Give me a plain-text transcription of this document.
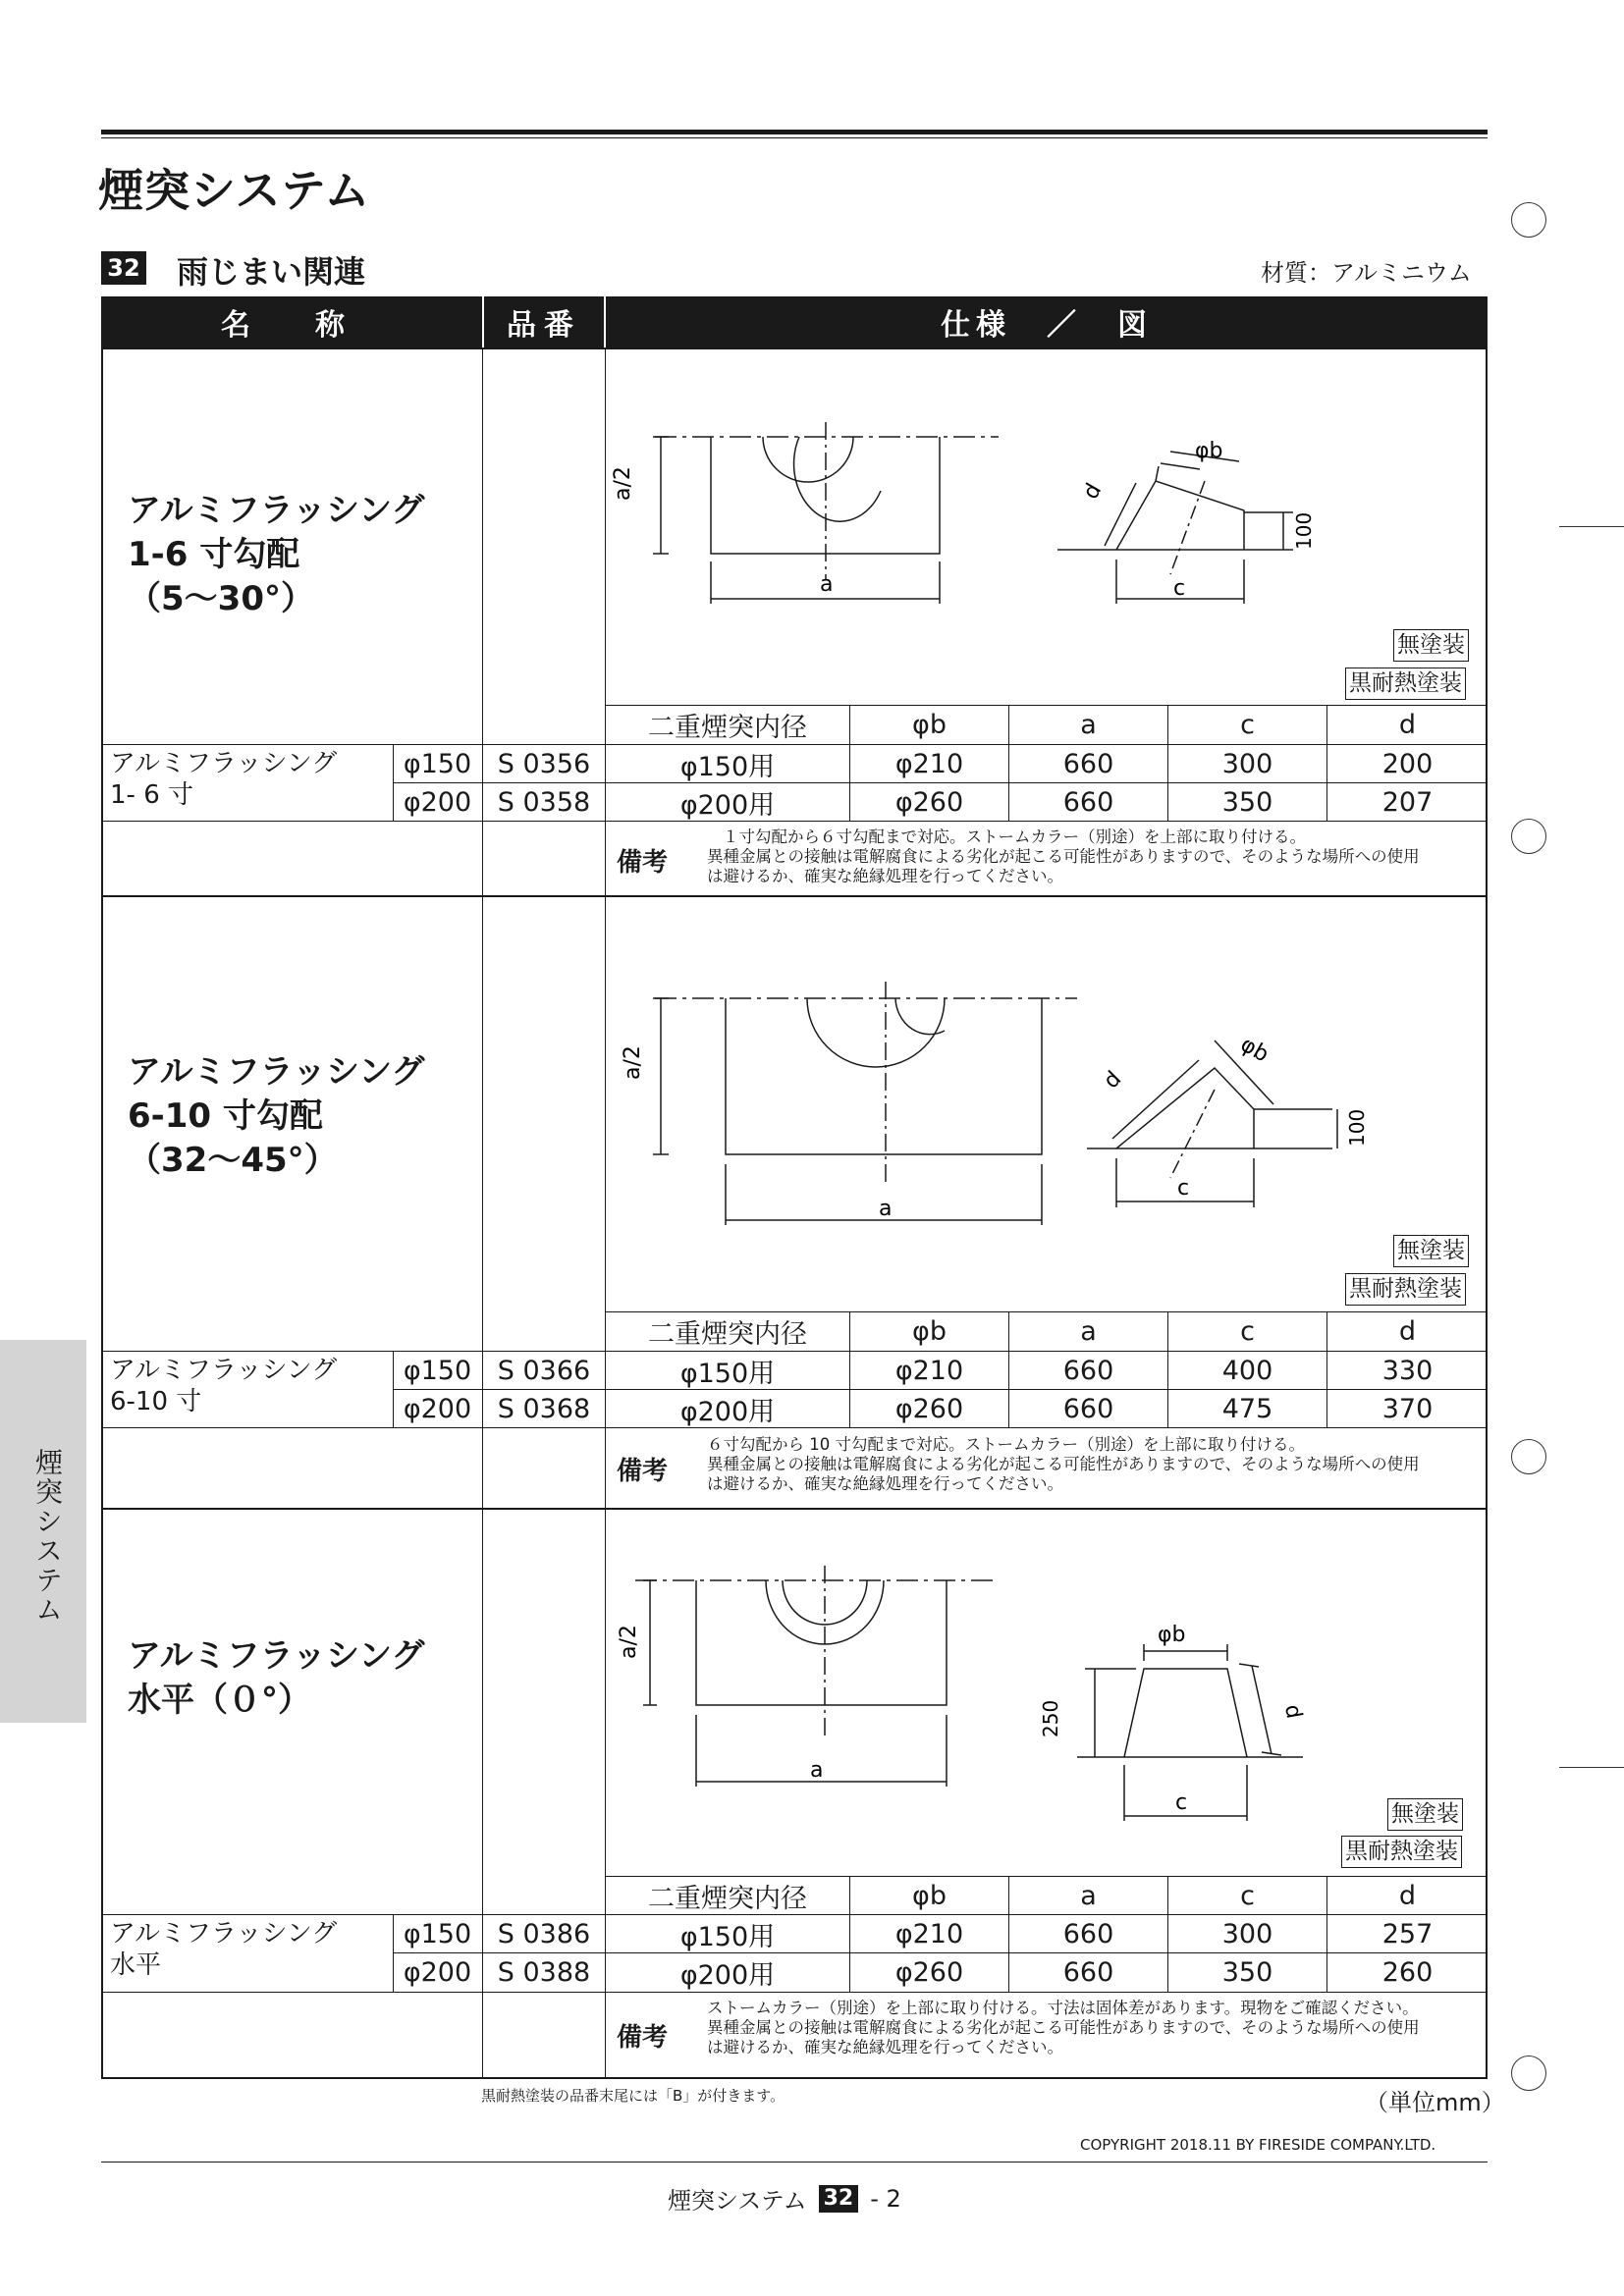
煙突システム
32 雨じまい関連	材質：アルミニウム
煙突システム
名　称	品番	仕様　／　図
アルミフラッシング
1-6 寸勾配
（5～30°）
a/2
a
φb
d
c
100
無塗装
黒耐熱塗装
二重煙突内径	φb	a	c	d
アルミフラッシング
1- 6 寸
φ150 S 0356	φ150用	φ210	660	300	200
φ200 S 0358	φ200用	φ260	660	350	207
備考
１寸勾配から６寸勾配まで対応。ストームカラー（別途）を上部に取り付ける。
異種金属との接触は電解腐食による劣化が起こる可能性がありますので、そのような場所への使用
は避けるか、確実な絶縁処理を行ってください。
アルミフラッシング
6-10 寸勾配
（32～45°）
a/2
a
φb
d
c
100
無塗装
黒耐熱塗装
二重煙突内径	φb	a	c	d
アルミフラッシング
6-10 寸
φ150 S 0366	φ150用	φ210	660	400	330
φ200 S 0368	φ200用	φ260	660	475	370
備考
６寸勾配から 10 寸勾配まで対応。ストームカラー（別途）を上部に取り付ける。
異種金属との接触は電解腐食による劣化が起こる可能性がありますので、そのような場所への使用
は避けるか、確実な絶縁処理を行ってください。
アルミフラッシング
水平（０°）
a/2
a
φb
d
c
250
無塗装
黒耐熱塗装
二重煙突内径	φb	a	c	d
アルミフラッシング
水平
φ150 S 0386	φ150用	φ210	660	300	257
φ200 S 0388	φ200用	φ260	660	350	260
備考
ストームカラー（別途）を上部に取り付ける。寸法は固体差があります。現物をご確認ください。
異種金属との接触は電解腐食による劣化が起こる可能性がありますので、そのような場所への使用
は避けるか、確実な絶縁処理を行ってください。
黒耐熱塗装の品番末尾には「B」が付きます。	（単位mm）
COPYRIGHT 2018.11 BY FIRESIDE COMPANY.LTD.
煙突システム 32 - 2
